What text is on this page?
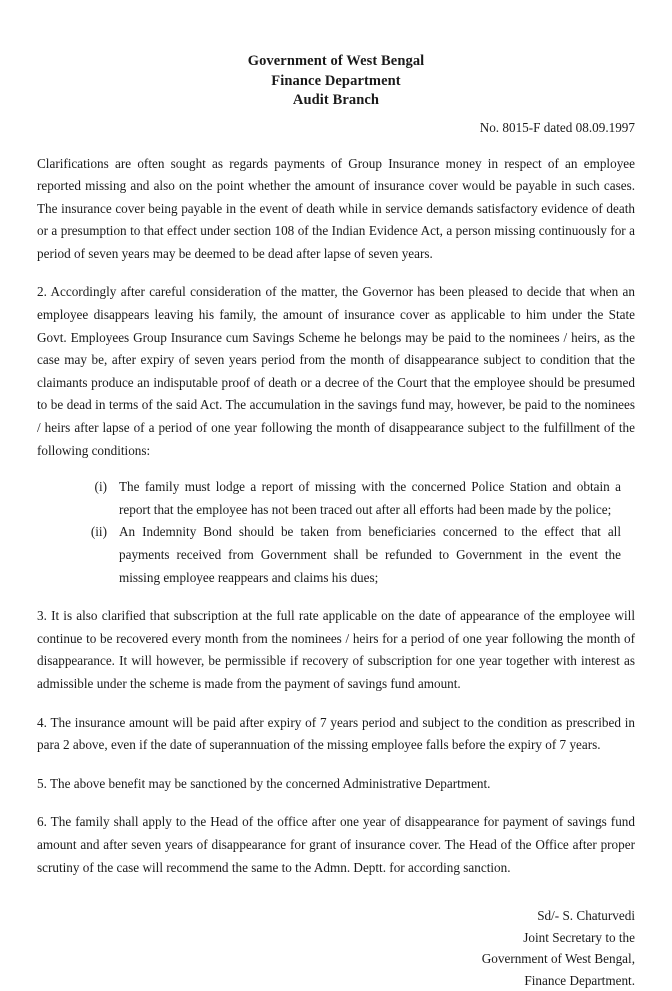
Government of West Bengal
Finance Department
Audit Branch
No. 8015-F dated 08.09.1997

Clarifications are often sought as regards payments of Group Insurance money in respect of an employee reported missing and also on the point whether the amount of insurance cover would be payable in such cases. The insurance cover being payable in the event of death while in service demands satisfactory evidence of death or a presumption to that effect under section 108 of the Indian Evidence Act, a person missing continuously for a period of seven years may be deemed to be dead after lapse of seven years.

2. Accordingly after careful consideration of the matter, the Governor has been pleased to decide that when an employee disappears leaving his family, the amount of insurance cover as applicable to him under the State Govt. Employees Group Insurance cum Savings Scheme he belongs may be paid to the nominees / heirs, as the case may be, after expiry of seven years period from the month of disappearance subject to condition that the claimants produce an indisputable proof of death or a decree of the Court that the employee should be presumed to be dead in terms of the said Act. The accumulation in the savings fund may, however, be paid to the nominees / heirs after lapse of a period of one year following the month of disappearance subject to the fulfillment of the following conditions:

(i) The family must lodge a report of missing with the concerned Police Station and obtain a report that the employee has not been traced out after all efforts had been made by the police;
(ii) An Indemnity Bond should be taken from beneficiaries concerned to the effect that all payments received from Government shall be refunded to Government in the event the missing employee reappears and claims his dues;

3. It is also clarified that subscription at the full rate applicable on the date of appearance of the employee will continue to be recovered every month from the nominees / heirs for a period of one year following the month of disappearance. It will however, be permissible if recovery of subscription for one year together with interest as admissible under the scheme is made from the payment of savings fund amount.

4. The insurance amount will be paid after expiry of 7 years period and subject to the condition as prescribed in para 2 above, even if the date of superannuation of the missing employee falls before the expiry of 7 years.

5. The above benefit may be sanctioned by the concerned Administrative Department.

6. The family shall apply to the Head of the office after one year of disappearance for payment of savings fund amount and after seven years of disappearance for grant of insurance cover. The Head of the Office after proper scrutiny of the case will recommend the same to the Admn. Deptt. for according sanction.

Sd/- S. Chaturvedi
Joint Secretary to the
Government of West Bengal,
Finance Department.
